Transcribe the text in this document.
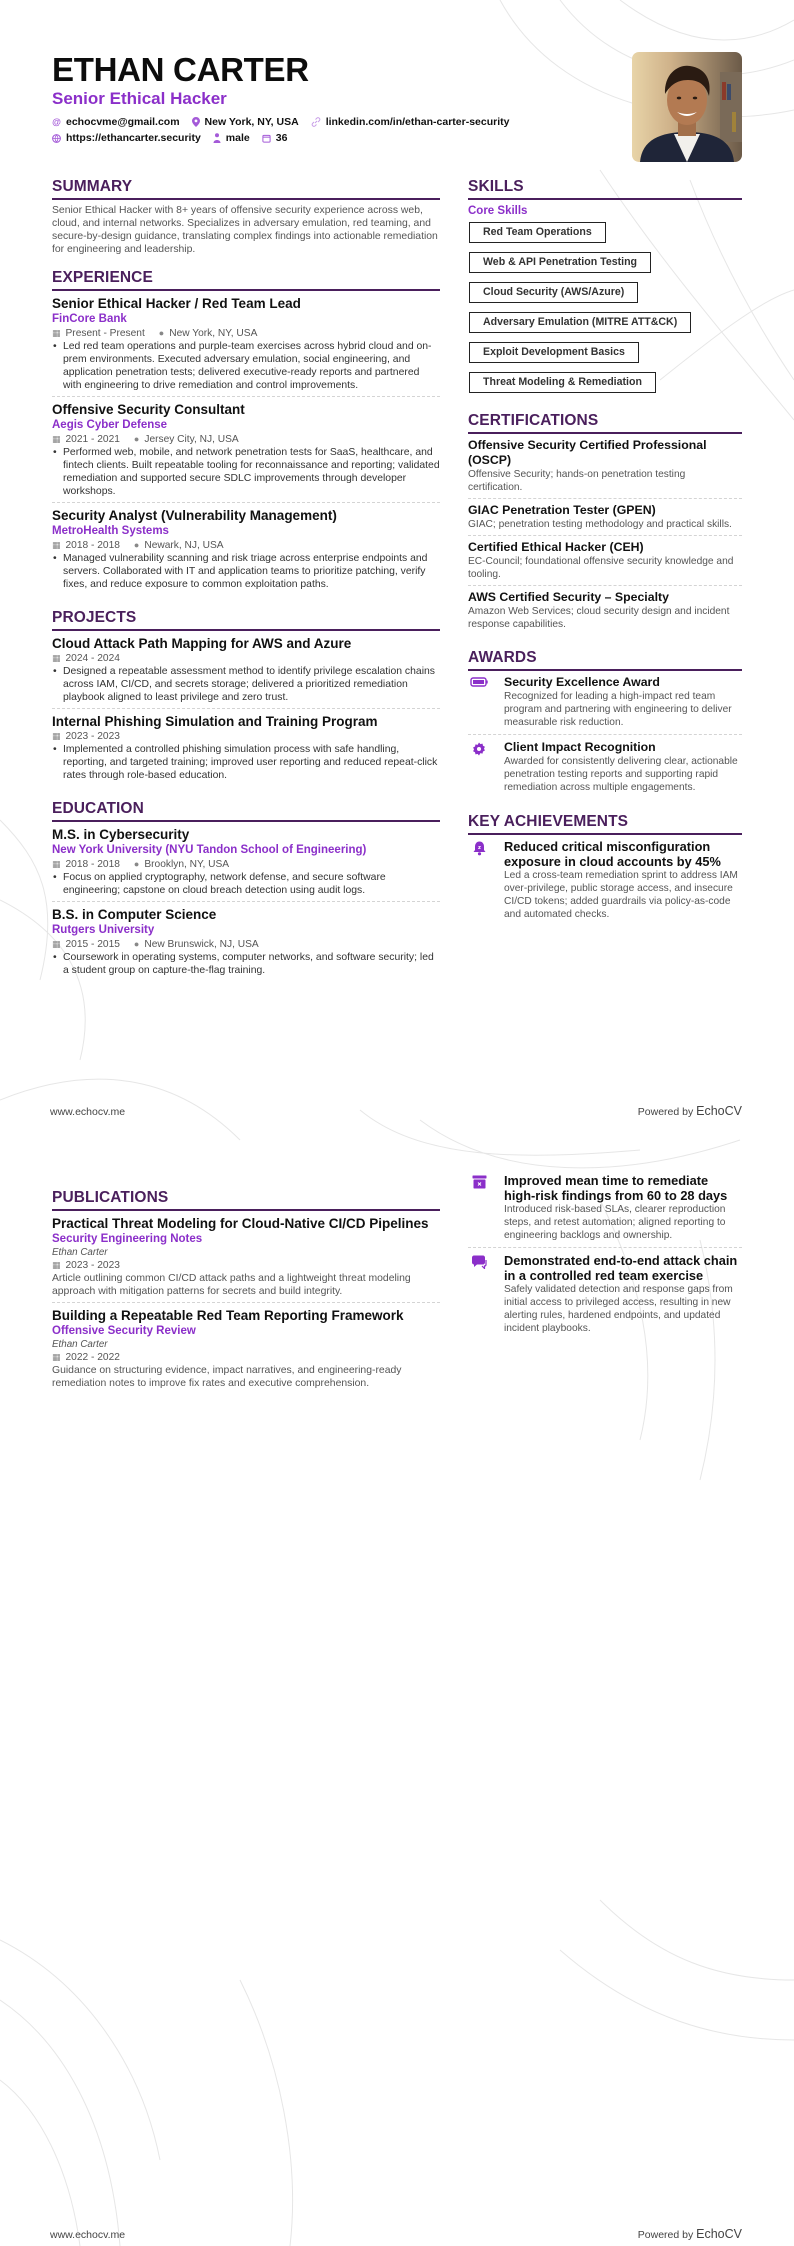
ETHAN CARTER
Senior Ethical Hacker
@ echocvme@gmail.com New York, NY, USA	linkedin.com/in/ethan-carter-security
https://ethancarter.security male 36
SUMMARY
Senior Ethical Hacker with 8+ years of offensive security experience across web, cloud, and internal networks. Specializes in adversary emulation, red teaming, and secure-by-design guidance, translating complex findings into actionable remediation for engineering and leadership.
EXPERIENCE
Senior Ethical Hacker / Red Team Lead
FinCore Bank
▦ Present - Present ● New York, NY, USA
• Led red team operations and purple-team exercises across hybrid cloud and on-prem environments. Executed adversary emulation, social engineering, and application penetration tests; delivered executive-ready reports and partnered with engineering to drive remediation and control improvements.
Offensive Security Consultant
Aegis Cyber Defense
▦ 2021 - 2021 ● Jersey City, NJ, USA
• Performed web, mobile, and network penetration tests for SaaS, healthcare, and fintech clients. Built repeatable tooling for reconnaissance and reporting; validated remediation and supported secure SDLC improvements through developer workshops.
Security Analyst (Vulnerability Management)
MetroHealth Systems
▦ 2018 - 2018 ● Newark, NJ, USA
• Managed vulnerability scanning and risk triage across enterprise endpoints and servers. Collaborated with IT and application teams to prioritize patching, verify fixes, and reduce exposure to common exploitation paths.
PROJECTS
Cloud Attack Path Mapping for AWS and Azure
▦ 2024 - 2024
• Designed a repeatable assessment method to identify privilege escalation chains across IAM, CI/CD, and secrets storage; delivered a prioritized remediation playbook aligned to least privilege and zero trust.
Internal Phishing Simulation and Training Program
▦ 2023 - 2023
• Implemented a controlled phishing simulation process with safe handling, reporting, and targeted training; improved user reporting and reduced repeat-click rates through role-based education.
EDUCATION
M.S. in Cybersecurity
New York University (NYU Tandon School of Engineering)
▦ 2018 - 2018 ● Brooklyn, NY, USA
• Focus on applied cryptography, network defense, and secure software engineering; capstone on cloud breach detection using audit logs.
B.S. in Computer Science
Rutgers University
▦ 2015 - 2015 ● New Brunswick, NJ, USA
• Coursework in operating systems, computer networks, and software security; led a student group on capture-the-flag training.
SKILLS
Core Skills
Red Team Operations
Web & API Penetration Testing
Cloud Security (AWS/Azure)
Adversary Emulation (MITRE ATT&CK)
Exploit Development Basics
Threat Modeling & Remediation
CERTIFICATIONS
Offensive Security Certified Professional (OSCP)
Offensive Security; hands-on penetration testing certification.
GIAC Penetration Tester (GPEN)
GIAC; penetration testing methodology and practical skills.
Certified Ethical Hacker (CEH)
EC-Council; foundational offensive security knowledge and tooling.
AWS Certified Security – Specialty
Amazon Web Services; cloud security design and incident response capabilities.
AWARDS
Security Excellence Award
Recognized for leading a high-impact red team program and partnering with engineering to deliver measurable risk reduction.
Client Impact Recognition
Awarded for consistently delivering clear, actionable penetration testing reports and supporting rapid remediation across multiple engagements.
KEY ACHIEVEMENTS
z Reduced critical misconfiguration exposure in cloud accounts by 45%
Led a cross-team remediation sprint to address IAM over-privilege, public storage access, and insecure CI/CD tokens; added guardrails via policy-as-code and automated checks.
www.echocv.me	Powered by EchoCV
PUBLICATIONS
Practical Threat Modeling for Cloud-Native CI/CD Pipelines
Security Engineering Notes
Ethan Carter
▦ 2023 - 2023
Article outlining common CI/CD attack paths and a lightweight threat modeling approach with mitigation patterns for secrets and build integrity.
Building a Repeatable Red Team Reporting Framework
Offensive Security Review
Ethan Carter
▦ 2022 - 2022
Guidance on structuring evidence, impact narratives, and engineering-ready remediation notes to improve fix rates and executive comprehension.
Improved mean time to remediate high-risk findings from 60 to 28 days
Introduced risk-based SLAs, clearer reproduction steps, and retest automation; aligned reporting to engineering backlogs and ownership.
Demonstrated end-to-end attack chain in a controlled red team exercise
Safely validated detection and response gaps from initial access to privileged access, resulting in new alerting rules, hardened endpoints, and updated incident playbooks.
www.echocv.me	Powered by EchoCV
